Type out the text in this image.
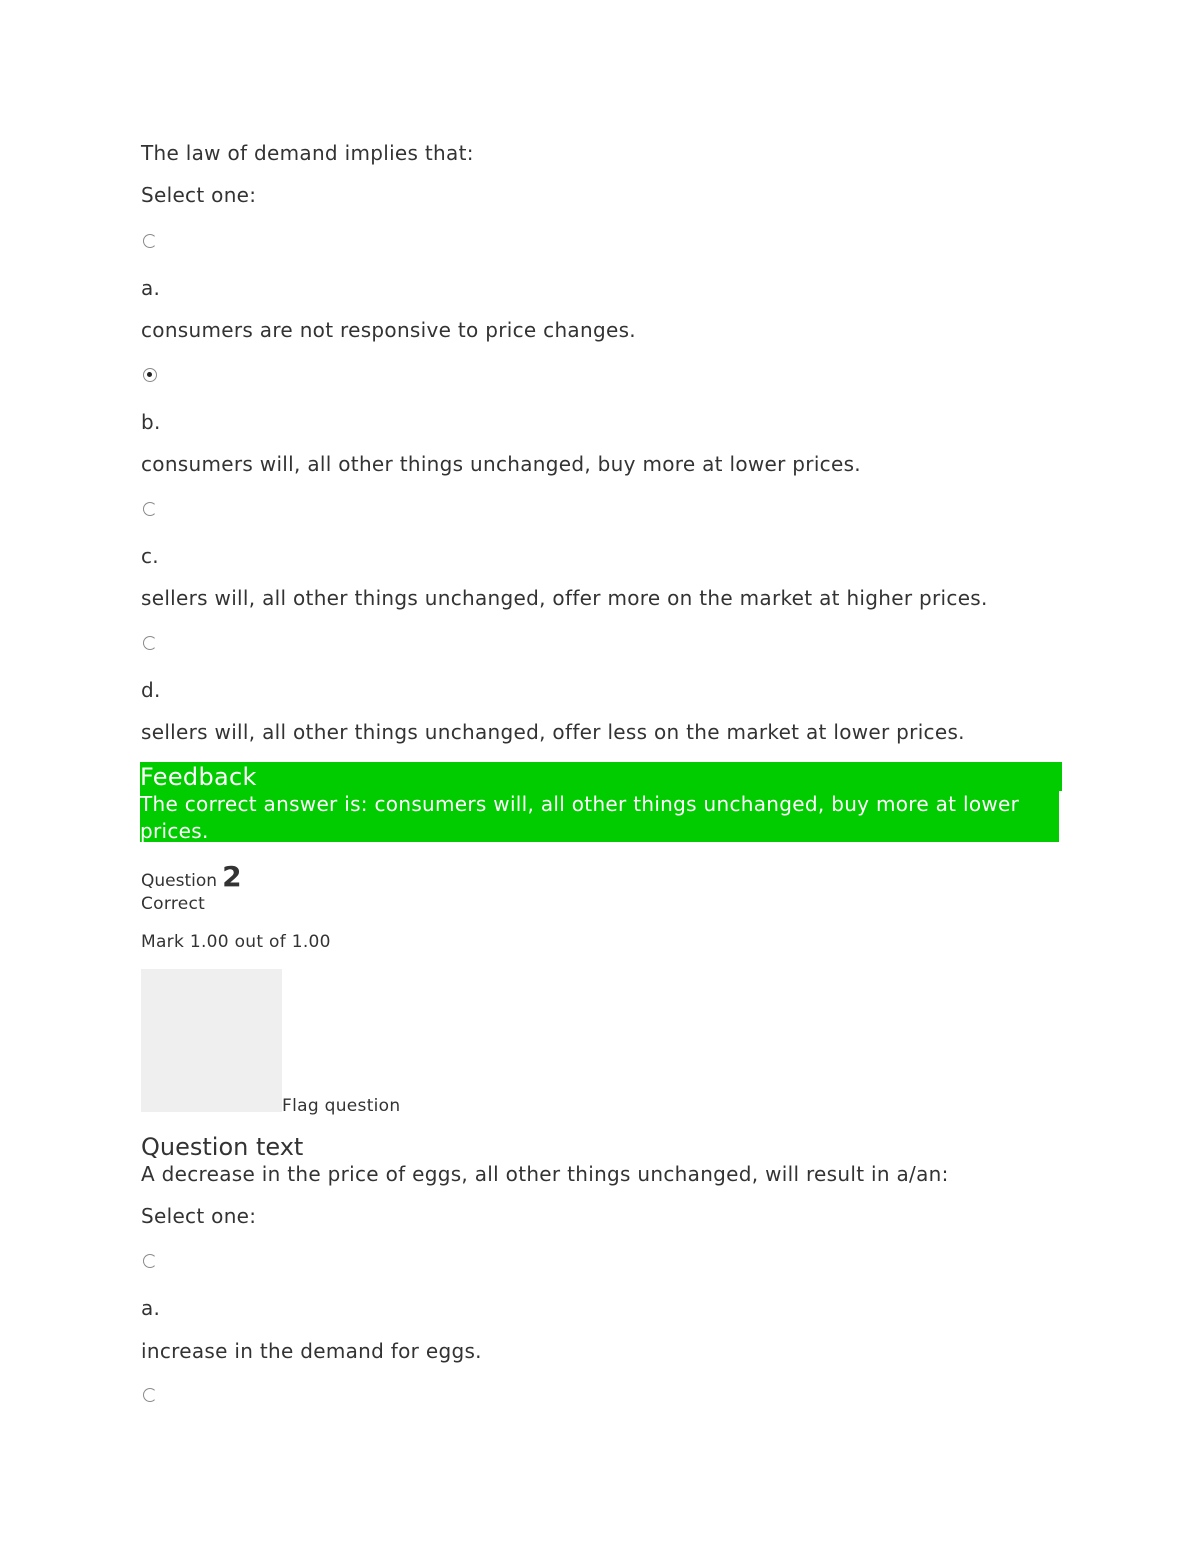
The law of demand implies that:
Select one:
a.
consumers are not responsive to price changes.
b.
consumers will, all other things unchanged, buy more at lower prices.
c.
sellers will, all other things unchanged, offer more on the market at higher prices.
d.
sellers will, all other things unchanged, offer less on the market at lower prices.
Feedback
The correct answer is: consumers will, all other things unchanged, buy more at lower prices.
Question 2
Correct
Mark 1.00 out of 1.00
Flag question
Question text
A decrease in the price of eggs, all other things unchanged, will result in a/an:
Select one:
a.
increase in the demand for eggs.
